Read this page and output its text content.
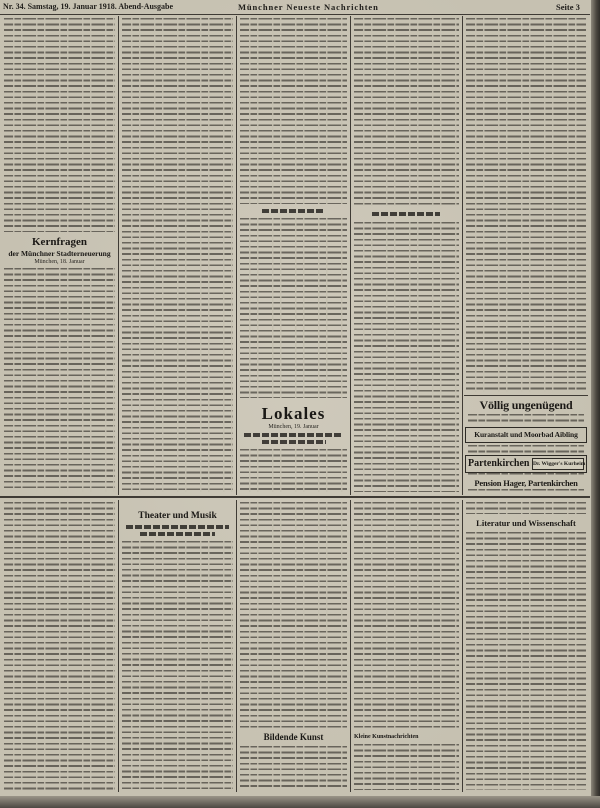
Nr. 34. Samstag, 19. Januar 1918. Abend-Ausgabe	Münchner Neueste Nachrichten	Seite 3
Kernfragen
der Münchner Stadterneuerung
München, 18. Januar
Lokales
München, 19. Januar
Völlig ungenügend
Kuranstalt und Moorbad Aibling
Partenkirchen Dr. Wigger's Kurheim
Pension Hager, Partenkirchen
Theater und Musik
Bildende Kunst	Kleine Kunstnachrichten
Literatur und Wissenschaft
